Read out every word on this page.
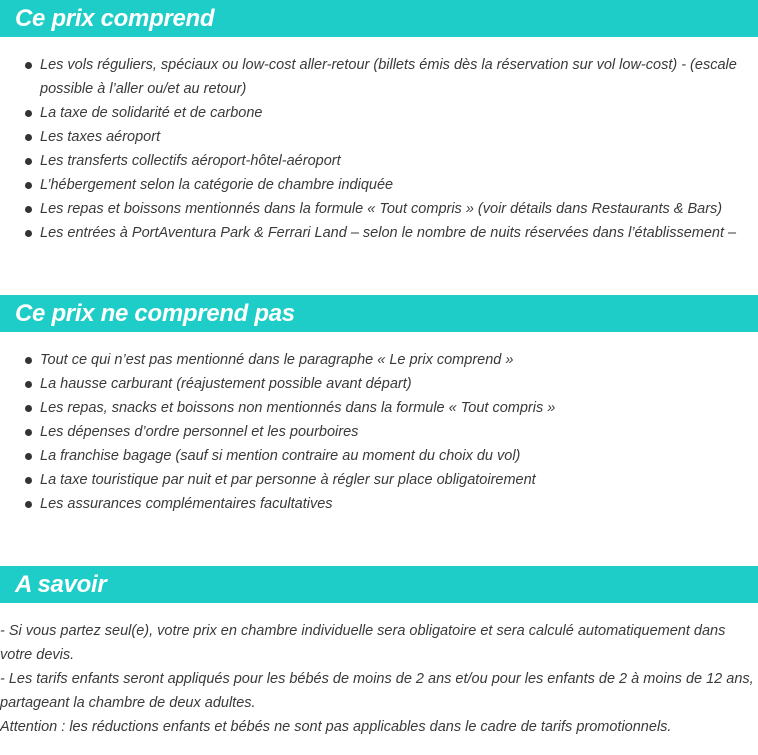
Ce prix comprend
Les vols réguliers, spéciaux ou low-cost aller-retour (billets émis dès la réservation sur vol low-cost) - (escale possible à l’aller ou/et au retour)
La taxe de solidarité et de carbone
Les taxes aéroport
Les transferts collectifs aéroport-hôtel-aéroport
L’hébergement selon la catégorie de chambre indiquée
Les repas et boissons mentionnés dans la formule « Tout compris » (voir détails dans Restaurants & Bars)
Les entrées à PortAventura Park & Ferrari Land – selon le nombre de nuits réservées dans l’établissement –
Ce prix ne comprend pas
Tout ce qui n’est pas mentionné dans le paragraphe « Le prix comprend »
La hausse carburant (réajustement possible avant départ)
Les repas, snacks et boissons non mentionnés dans la formule « Tout compris »
Les dépenses d’ordre personnel et les pourboires
La franchise bagage (sauf si mention contraire au moment du choix du vol)
La taxe touristique par nuit et par personne à régler sur place obligatoirement
Les assurances complémentaires facultatives
A savoir

- Si vous partez seul(e), votre prix en chambre individuelle sera obligatoire et sera calculé automatiquement dans votre devis.

- Les tarifs enfants seront appliqués pour les bébés de moins de 2 ans et/ou pour les enfants de 2 à moins de 12 ans, partageant la chambre de deux adultes.

Attention : les réductions enfants et bébés ne sont pas applicables dans le cadre de tarifs promotionnels.
